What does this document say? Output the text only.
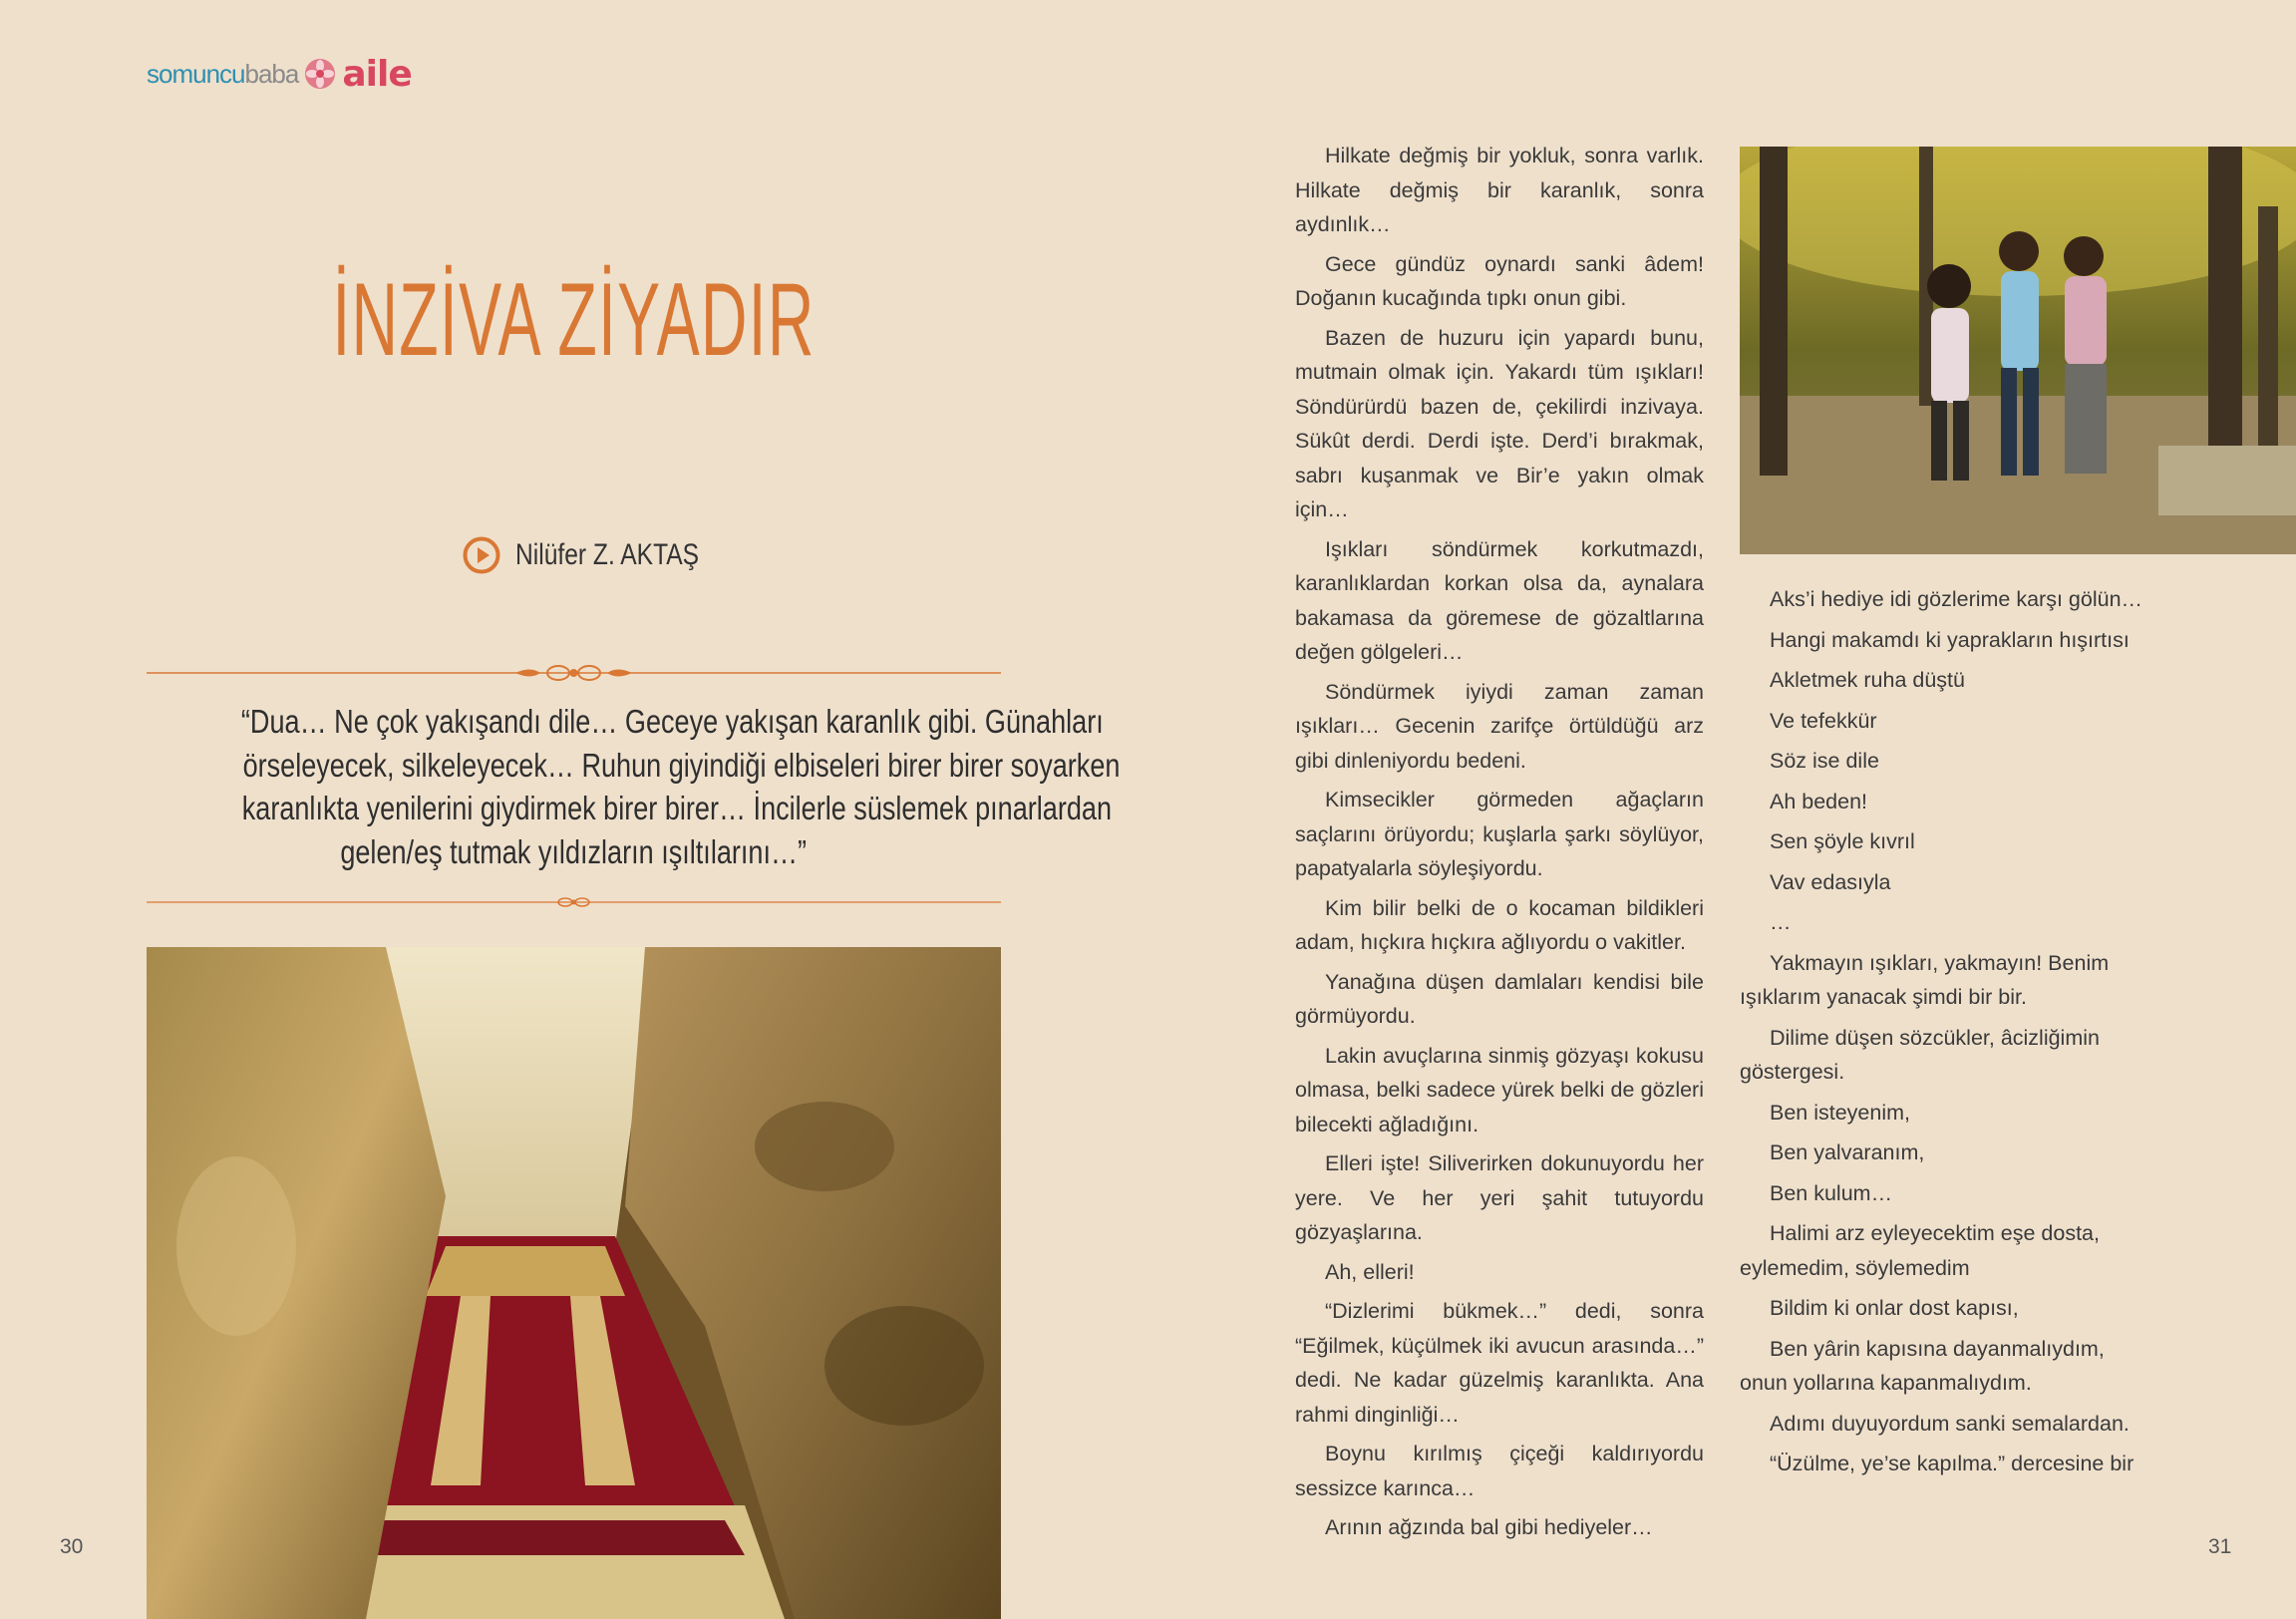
somuncu baba aile
İNZİVA ZİYADIR
Nilüfer Z. AKTAŞ
“Dua… Ne çok yakışandı dile… Geceye yakışan karanlık gibi. Günahları
örseleyecek, silkeleyecek… Ruhun giyindiği elbiseleri birer birer soyarken
karanlıkta yenilerini giydirmek birer birer… İncilerle süslemek pınarlardan
gelen/eş tutmak yıldızların ışıltılarını…”

Hilkate değmiş bir yokluk, sonra varlık. Hilkate değmiş bir karanlık, sonra aydınlık…

Gece gündüz oynardı sanki âdem! Doğanın kucağında tıpkı onun gibi.

Bazen de huzuru için yapardı bunu, mutmain olmak için. Yakardı tüm ışıkları! Söndürürdü bazen de, çekilirdi inzivaya. Sükût derdi. Derdi işte. Derd’i bırakmak, sabrı kuşanmak ve Bir’e yakın olmak için…

Işıkları söndürmek korkutmazdı, karanlıklardan korkan olsa da, aynalara bakamasa da göremese de gözaltlarına değen gölgeleri…

Söndürmek iyiydi zaman zaman ışıkları… Gecenin zarifçe örtüldüğü arz gibi dinleniyordu bedeni.

Kimsecikler görmeden ağaçların saçlarını örüyordu; kuşlarla şarkı söylüyor, papatyalarla söyleşiyordu.

Kim bilir belki de o kocaman bildikleri adam, hıçkıra hıçkıra ağlıyordu o vakitler.

Yanağına düşen damlaları kendisi bile görmüyordu.

Lakin avuçlarına sinmiş gözyaşı kokusu olmasa, belki sadece yürek belki de gözleri bilecekti ağladığını.

Elleri işte! Siliverirken dokunuyordu her yere. Ve her yeri şahit tutuyordu gözyaşlarına.

Ah, elleri!

“Dizlerimi bükmek…” dedi, sonra “Eğilmek, küçülmek iki avucun arasında…” dedi. Ne kadar güzelmiş karanlıkta. Ana rahmi dinginliği…

Boynu kırılmış çiçeği kaldırıyordu sessizce karınca…

Arının ağzında bal gibi hediyeler…

Aks’i hediye idi gözlerime karşı gölün…

Hangi makamdı ki yaprakların hışırtısı

Akletmek ruha düştü

Ve tefekkür

Söz ise dile

Ah beden!

Sen şöyle kıvrıl

Vav edasıyla

…

Yakmayın ışıkları, yakmayın! Benim ışıklarım yanacak şimdi bir bir.

Dilime düşen sözcükler, âcizliğimin göstergesi.

Ben isteyenim,

Ben yalvaranım,

Ben kulum…

Halimi arz eyleyecektim eşe dosta, eylemedim, söylemedim

Bildim ki onlar dost kapısı,

Ben yârin kapısına dayanmalıydım, onun yollarına kapanmalıydım.

Adımı duyuyordum sanki semalardan.

“Üzülme, ye’se kapılma.” dercesine bir

30	31
